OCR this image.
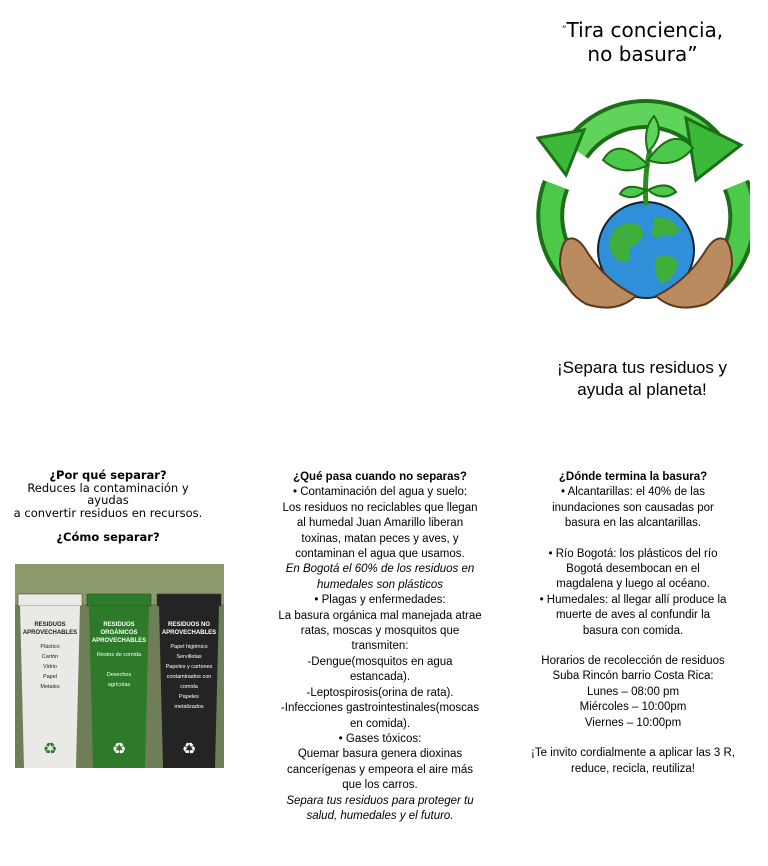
“Tira conciencia,
no basura”
¡Separa tus residuos y
ayuda al planeta!
¿Por qué separar?
Reduces la contaminación y
ayudas
a convertir residuos en recursos.
¿Cómo separar?
RESIDUOS
APROVECHABLES
Plástico
Cartón
Vidrio
Papel
Metales
♻
RESIDUOS
ORGÁNICOS
APROVECHABLES
Restos de comida
Desechos
agrícolas
♻
RESIDUOS NO
APROVECHABLES
Papel higiénico
Servilletas
Papeles y cartones
contaminados con
comida
Papeles
metalizados
♻
¿Qué pasa cuando no separas?
• Contaminación del agua y suelo:
Los residuos no reciclables que llegan
al humedal Juan Amarillo liberan
toxinas, matan peces y aves, y
contaminan el agua que usamos.
En Bogotá el 60% de los residuos en
humedales son plásticos
• Plagas y enfermedades:
La basura orgánica mal manejada atrae
ratas, moscas y mosquitos que
transmiten:
-Dengue(mosquitos en agua
estancada).
-Leptospirosis(orina de rata).
-Infecciones gastrointestinales(moscas
en comida).
• Gases tóxicos:
Quemar basura genera dioxinas
cancerígenas y empeora el aire más
que los carros.
Separa tus residuos para proteger tu
salud, humedales y el futuro.
¿Dónde termina la basura?
• Alcantarillas: el 40% de las
inundaciones son causadas por
basura en las alcantarillas.
• Río Bogotá: los plásticos del río
Bogotá desembocan en el
magdalena y luego al océano.
• Humedales: al llegar allí produce la
muerte de aves al confundir la
basura con comida.
Horarios de recolección de residuos
Suba Rincón barrio Costa Rica:
Lunes – 08:00 pm
Miércoles – 10:00pm
Viernes – 10:00pm
¡Te invito cordialmente a aplicar las 3 R,
reduce, recicla, reutiliza!
